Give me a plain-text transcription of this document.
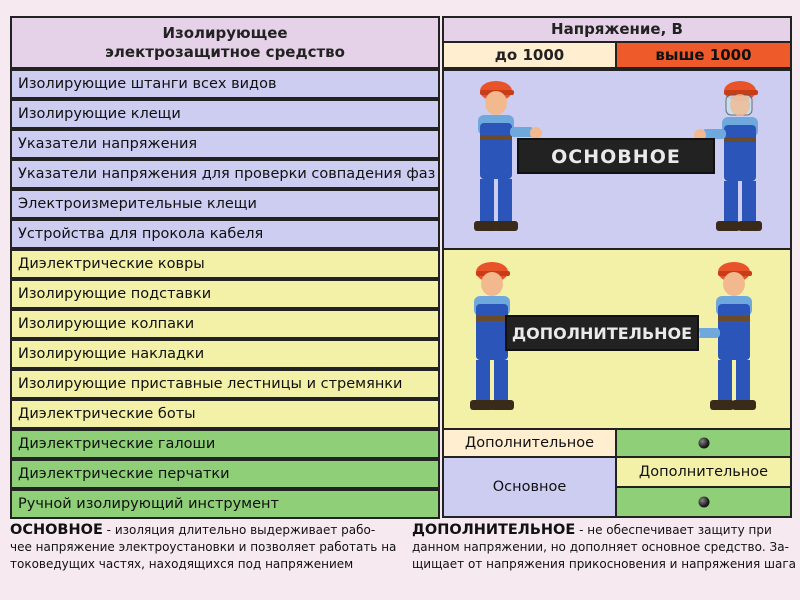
Изолирующее
электрозащитное средство
Напряжение, В
до 1000	выше 1000
Изолирующие штанги всех видов
Изолирующие клещи
Указатели напряжения
Указатели напряжения для проверки совпадения фаз
Электроизмерительные клещи
Устройства для прокола кабеля
Диэлектрические ковры
Изолирующие подставки
Изолирующие колпаки
Изолирующие накладки
Изолирующие приставные лестницы и стремянки
Диэлектрические боты
Диэлектрические галоши
Диэлектрические перчатки
Ручной изолирующий инструмент
ОСНОВНОЕ
ДОПОЛНИТЕЛЬНОЕ
Дополнительное
Основное
Дополнительное
ОСНОВНОЕ - изоляция длительно выдерживает рабо-
чее напряжение электроустановки и позволяет работать на
токоведущих частях, находящихся под напряжением
ДОПОЛНИТЕЛЬНОЕ - не обеспечивает защиту при
данном напряжении, но дополняет основное средство. За-
щищает от напряжения прикосновения и напряжения шага
